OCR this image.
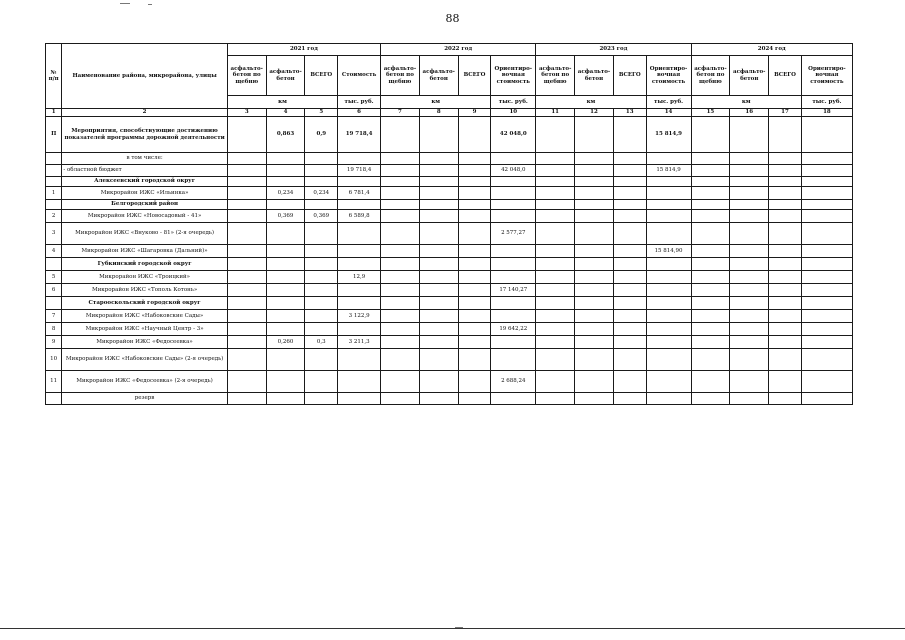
88
№ п/п	Наименование района, микрорайона, улицы	2021 год				2022 год				2023 год				2024 год			
		асфальто-бетон по щебню	асфальто-бетон	ВСЕГО	Стоимость	асфальто-бетон по щебню	асфальто-бетон	ВСЕГО	Ориентиро-вочная стоимость	асфальто-бетон по щебню	асфальто-бетон	ВСЕГО	Ориентиро-вочная стоимость	асфальто-бетон по щебню	асфальто-бетон	ВСЕГО	Ориентиро-вочная стоимость
		км			тыс. руб.	км			тыс. руб.	км			тыс. руб.	км			тыс. руб.
1	2	3	4	5	6	7	8	9	10	11	12	13	14	15	16	17	18
П	Мероприятия, способствующие достижению показателей программы дорожной деятельности		0,863	0,9	19 718,4				42 048,0				15 814,9				
	в том числе:																
	- областной бюджет				19 718,4				42 048,0				15 814,9				
	Алексеевский городской округ																
1	Микрорайон ИЖС «Ильинка»		0,234	0,234	6 781,4												
	Белгородский район																
2	Микрорайон ИЖС «Новосадовый - 41»		0,369	0,369	6 589,8												
3	Микрорайон ИЖС «Внуково - 81» (2-я очередь)								2 577,27								
4	Микрорайон ИЖС «Шагаровка (Дальний)»												15 814,90				
	Губкинский городской округ																
5	Микрорайон ИЖС «Троицкий»				12,9												
6	Микрорайон ИЖС «Тополь Котонь»								17 140,27								
	Старооскольский городской округ																
7	Микрорайон ИЖС «Набоковские Сады»				3 122,9												
8	Микрорайон ИЖС «Научный Центр - 3»								19 642,22								
9	Микрорайон ИЖС «Федосеевка»		0,260	0,3	3 211,3												
10	Микрорайон ИЖС «Набоковские Сады» (2-я очередь)																
11	Микрорайон ИЖС «Федосеевка» (2-я очередь)								2 688,24								
	резерв																
